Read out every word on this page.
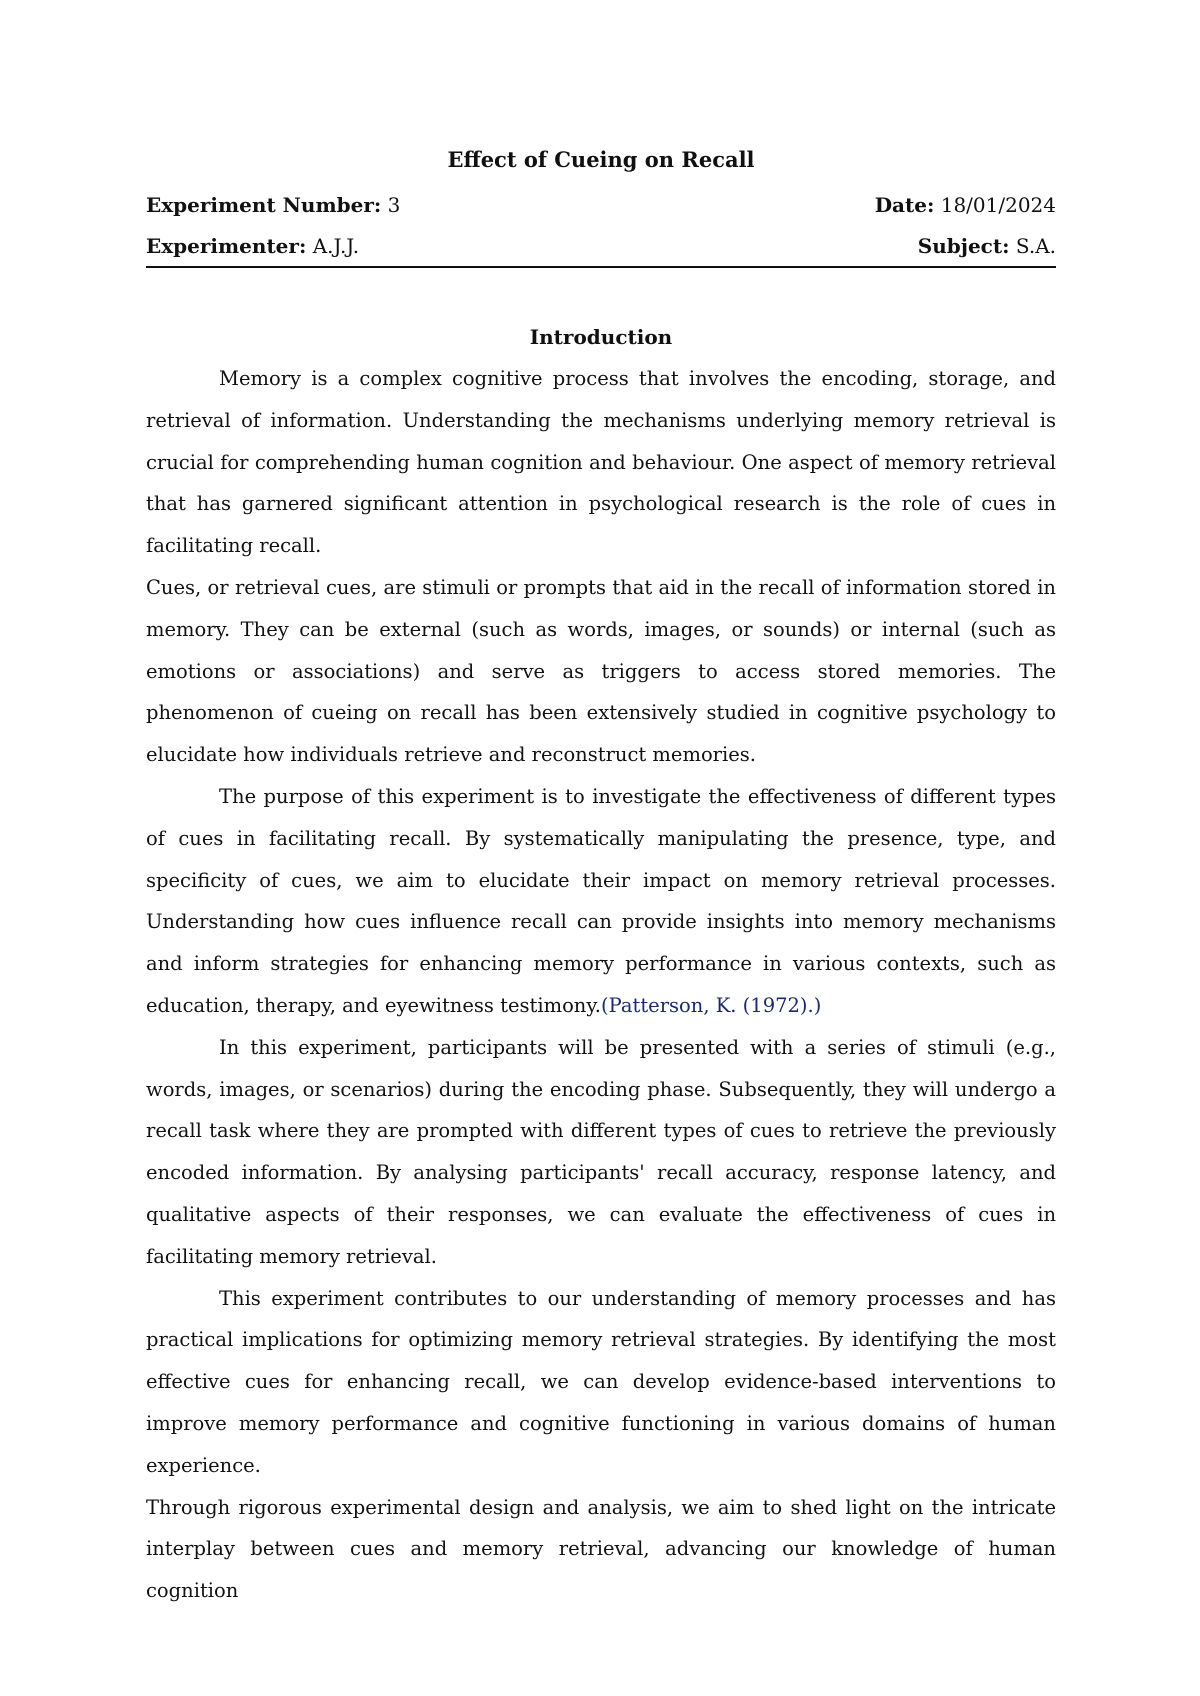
Effect of Cueing on Recall
Experiment Number: 3	Date: 18/01/2024
Experimenter: A.J.J.	Subject: S.A.
Introduction

Memory is a complex cognitive process that involves the encoding, storage, and retrieval of information. Understanding the mechanisms underlying memory retrieval is crucial for comprehending human cognition and behaviour. One aspect of memory retrieval that has garnered significant attention in psychological research is the role of cues in facilitating recall.

Cues, or retrieval cues, are stimuli or prompts that aid in the recall of information stored in memory. They can be external (such as words, images, or sounds) or internal (such as emotions or associations) and serve as triggers to access stored memories. The phenomenon of cueing on recall has been extensively studied in cognitive psychology to elucidate how individuals retrieve and reconstruct memories.

The purpose of this experiment is to investigate the effectiveness of different types of cues in facilitating recall. By systematically manipulating the presence, type, and specificity of cues, we aim to elucidate their impact on memory retrieval processes. Understanding how cues influence recall can provide insights into memory mechanisms and inform strategies for enhancing memory performance in various contexts, such as education, therapy, and eyewitness testimony.(Patterson, K. (1972).)

In this experiment, participants will be presented with a series of stimuli (e.g., words, images, or scenarios) during the encoding phase. Subsequently, they will undergo a recall task where they are prompted with different types of cues to retrieve the previously encoded information. By analysing participants' recall accuracy, response latency, and qualitative aspects of their responses, we can evaluate the effectiveness of cues in facilitating memory retrieval.

This experiment contributes to our understanding of memory processes and has practical implications for optimizing memory retrieval strategies. By identifying the most effective cues for enhancing recall, we can develop evidence-based interventions to improve memory performance and cognitive functioning in various domains of human experience.

Through rigorous experimental design and analysis, we aim to shed light on the intricate interplay between cues and memory retrieval, advancing our knowledge of human cognition
